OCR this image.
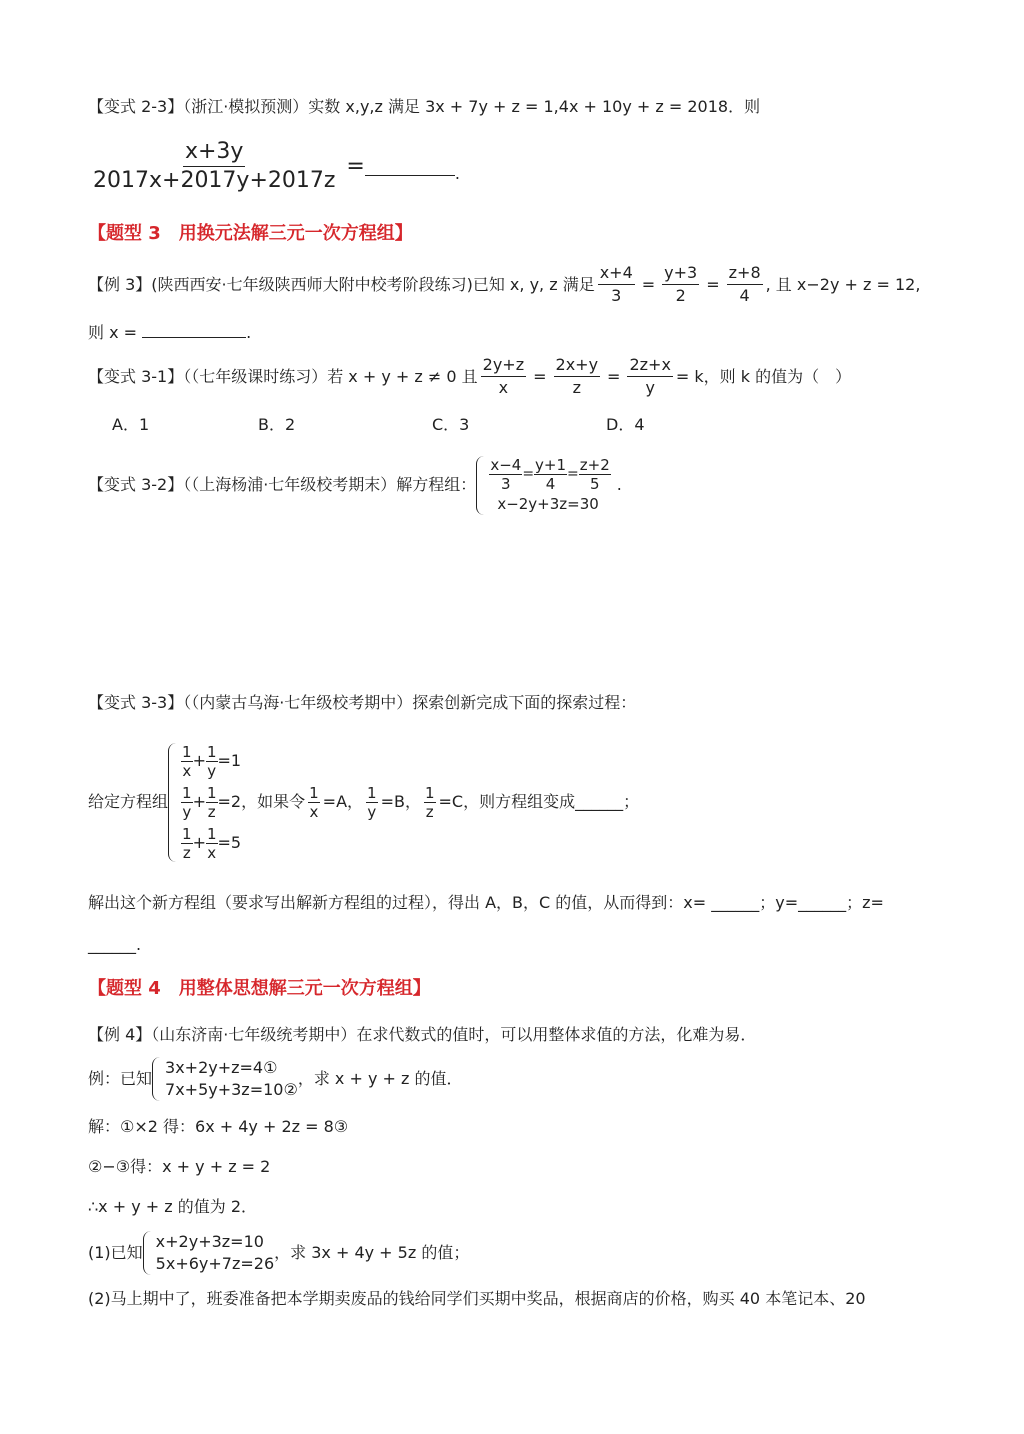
【变式 2-3】（浙江·模拟预测）实数 x,y,z 满足 3x + 7y + z = 1,4x + 10y + z = 2018．则
$\frac{x+3y}{2017x+2017y+2017z}$ =	.
【题型 3　用换元法解三元一次方程组】
【例 3】(陕西西安·七年级陕西师大附中校考阶段练习)已知 x, y, z 满足 $\frac{x+4}{3} = \frac{y+3}{2} = \frac{z+8}{4}$ , 且 x−2y + z = 12,
则 x =	.
【变式 3-1】（（七年级课时练习）若 x + y + z ≠ 0 且 $\frac{2y+z}{x} = \frac{2x+y}{z} = \frac{2z+x}{y} = k$，则 k 的值为（　）
A．1	B．2	C．3	D．4
【变式 3-2】（（上海杨浦·七年级校考期末）解方程组： $\frac{x-4}{3} = \frac{y+1}{4} = \frac{z+2}{5}$
x−2y+3z=30
.
【变式 3-3】（（内蒙古乌海·七年级校考期中）探索创新完成下面的探索过程：
给定方程组
$\frac{1}{x} + \frac{1}{y} =1$
$\frac{1}{y} + \frac{1}{z} =2$
$\frac{1}{z} + \frac{1}{x} =5$
，如果令 $\frac{1}{x} =A$， $\frac{1}{y} =B$， $\frac{1}{z} =C$， 则方程组变成______；
解出这个新方程组（要求写出解新方程组的过程），得出 A，B，C 的值，从而得到：x= ______；y=______；z=
______.
【题型 4　用整体思想解三元一次方程组】
【例 4】（山东济南·七年级统考期中）在求代数式的值时，可以用整体求值的方法，化难为易．
例：已知
3x+2y+z=4①
7x+5y+3z=10②
，求 x + y + z 的值．
解：①×2 得：6x + 4y + 2z = 8③
②−③得：x + y + z = 2
∴x + y + z 的值为 2．
(1)已知
x+2y+3z=10
5x+6y+7z=26
，求 3x + 4y + 5z 的值；
(2)马上期中了，班委准备把本学期卖废品的钱给同学们买期中奖品，根据商店的价格，购买 40 本笔记本、20
